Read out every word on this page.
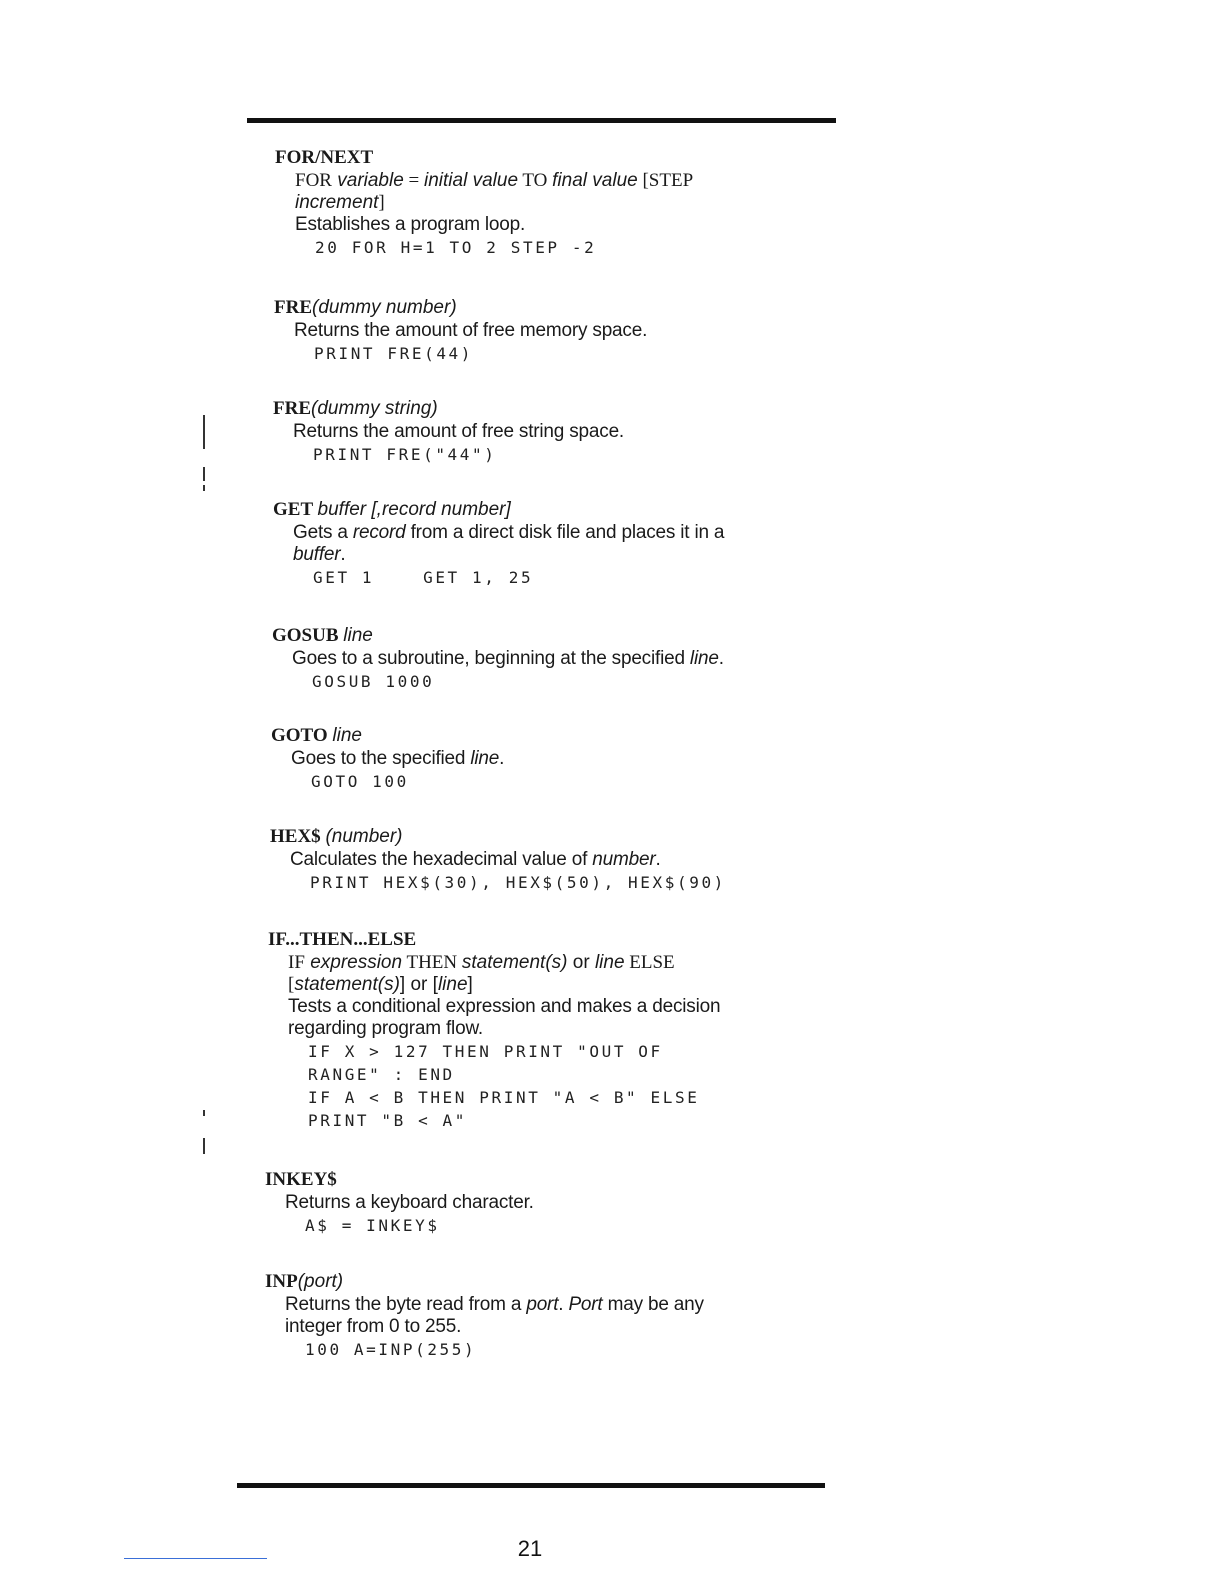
FOR/NEXT
FOR variable = initial value TO final value [STEP
increment]
Establishes a program loop.
20 FOR H=1 TO 2 STEP -2
FRE(dummy number)
Returns the amount of free memory space.
PRINT FRE(44)
FRE(dummy string)
Returns the amount of free string space.
PRINT FRE("44")
GET buffer [,record number]
Gets a record from a direct disk file and places it in a
buffer.
GET 1    GET 1, 25
GOSUB line
Goes to a subroutine, beginning at the specified line.
GOSUB 1000
GOTO line
Goes to the specified line.
GOTO 100
HEX$ (number)
Calculates the hexadecimal value of number.
PRINT HEX$(30), HEX$(50), HEX$(90)
IF...THEN...ELSE
IF expression THEN statement(s) or line ELSE
[statement(s)] or [line]
Tests a conditional expression and makes a decision
regarding program flow.
IF X > 127 THEN PRINT "OUT OF
RANGE" : END
IF A < B THEN PRINT "A < B" ELSE
PRINT "B < A"
INKEY$
Returns a keyboard character.
A$ = INKEY$
INP(port)
Returns the byte read from a port. Port may be any
integer from 0 to 255.
100 A=INP(255)
21
